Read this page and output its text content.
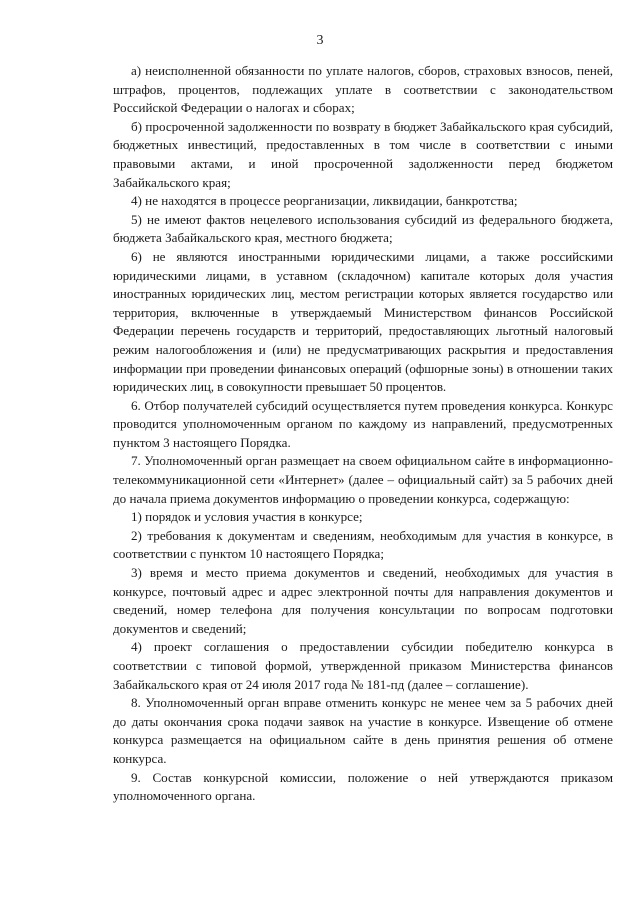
3

а) неисполненной обязанности по уплате налогов, сборов, страховых взносов, пеней, штрафов, процентов, подлежащих уплате в соответствии с законодательством Российской Федерации о налогах и сборах;

б) просроченной задолженности по возврату в бюджет Забайкальского края субсидий, бюджетных инвестиций, предоставленных в том числе в соответствии с иными правовыми актами, и иной просроченной задолженности перед бюджетом Забайкальского края;

4) не находятся в процессе реорганизации, ликвидации, банкротства;

5) не имеют фактов нецелевого использования субсидий из федерального бюджета, бюджета Забайкальского края, местного бюджета;

6) не являются иностранными юридическими лицами, а также российскими юридическими лицами, в уставном (складочном) капитале которых доля участия иностранных юридических лиц, местом регистрации которых является государство или территория, включенные в утверждаемый Министерством финансов Российской Федерации перечень государств и территорий, предоставляющих льготный налоговый режим налогообложения и (или) не предусматривающих раскрытия и предоставления информации при проведении финансовых операций (офшорные зоны) в отношении таких юридических лиц, в совокупности превышает 50 процентов.

6. Отбор получателей субсидий осуществляется путем проведения конкурса. Конкурс проводится уполномоченным органом по каждому из направлений, предусмотренных пунктом 3 настоящего Порядка.

7. Уполномоченный орган размещает на своем официальном сайте в информационно-телекоммуникационной сети «Интернет» (далее – официальный сайт) за 5 рабочих дней до начала приема документов информацию о проведении конкурса, содержащую:

1) порядок и условия участия в конкурсе;

2) требования к документам и сведениям, необходимым для участия в конкурсе, в соответствии с пунктом 10 настоящего Порядка;

3) время и место приема документов и сведений, необходимых для участия в конкурсе, почтовый адрес и адрес электронной почты для направления документов и сведений, номер телефона для получения консультации по вопросам подготовки документов и сведений;

4) проект соглашения о предоставлении субсидии победителю конкурса в соответствии с типовой формой, утвержденной приказом Министерства финансов Забайкальского края от 24 июля 2017 года № 181-пд (далее – соглашение).

8. Уполномоченный орган вправе отменить конкурс не менее чем за 5 рабочих дней до даты окончания срока подачи заявок на участие в конкурсе. Извещение об отмене конкурса размещается на официальном сайте в день принятия решения об отмене конкурса.

9. Состав конкурсной комиссии, положение о ней утверждаются приказом уполномоченного органа.
